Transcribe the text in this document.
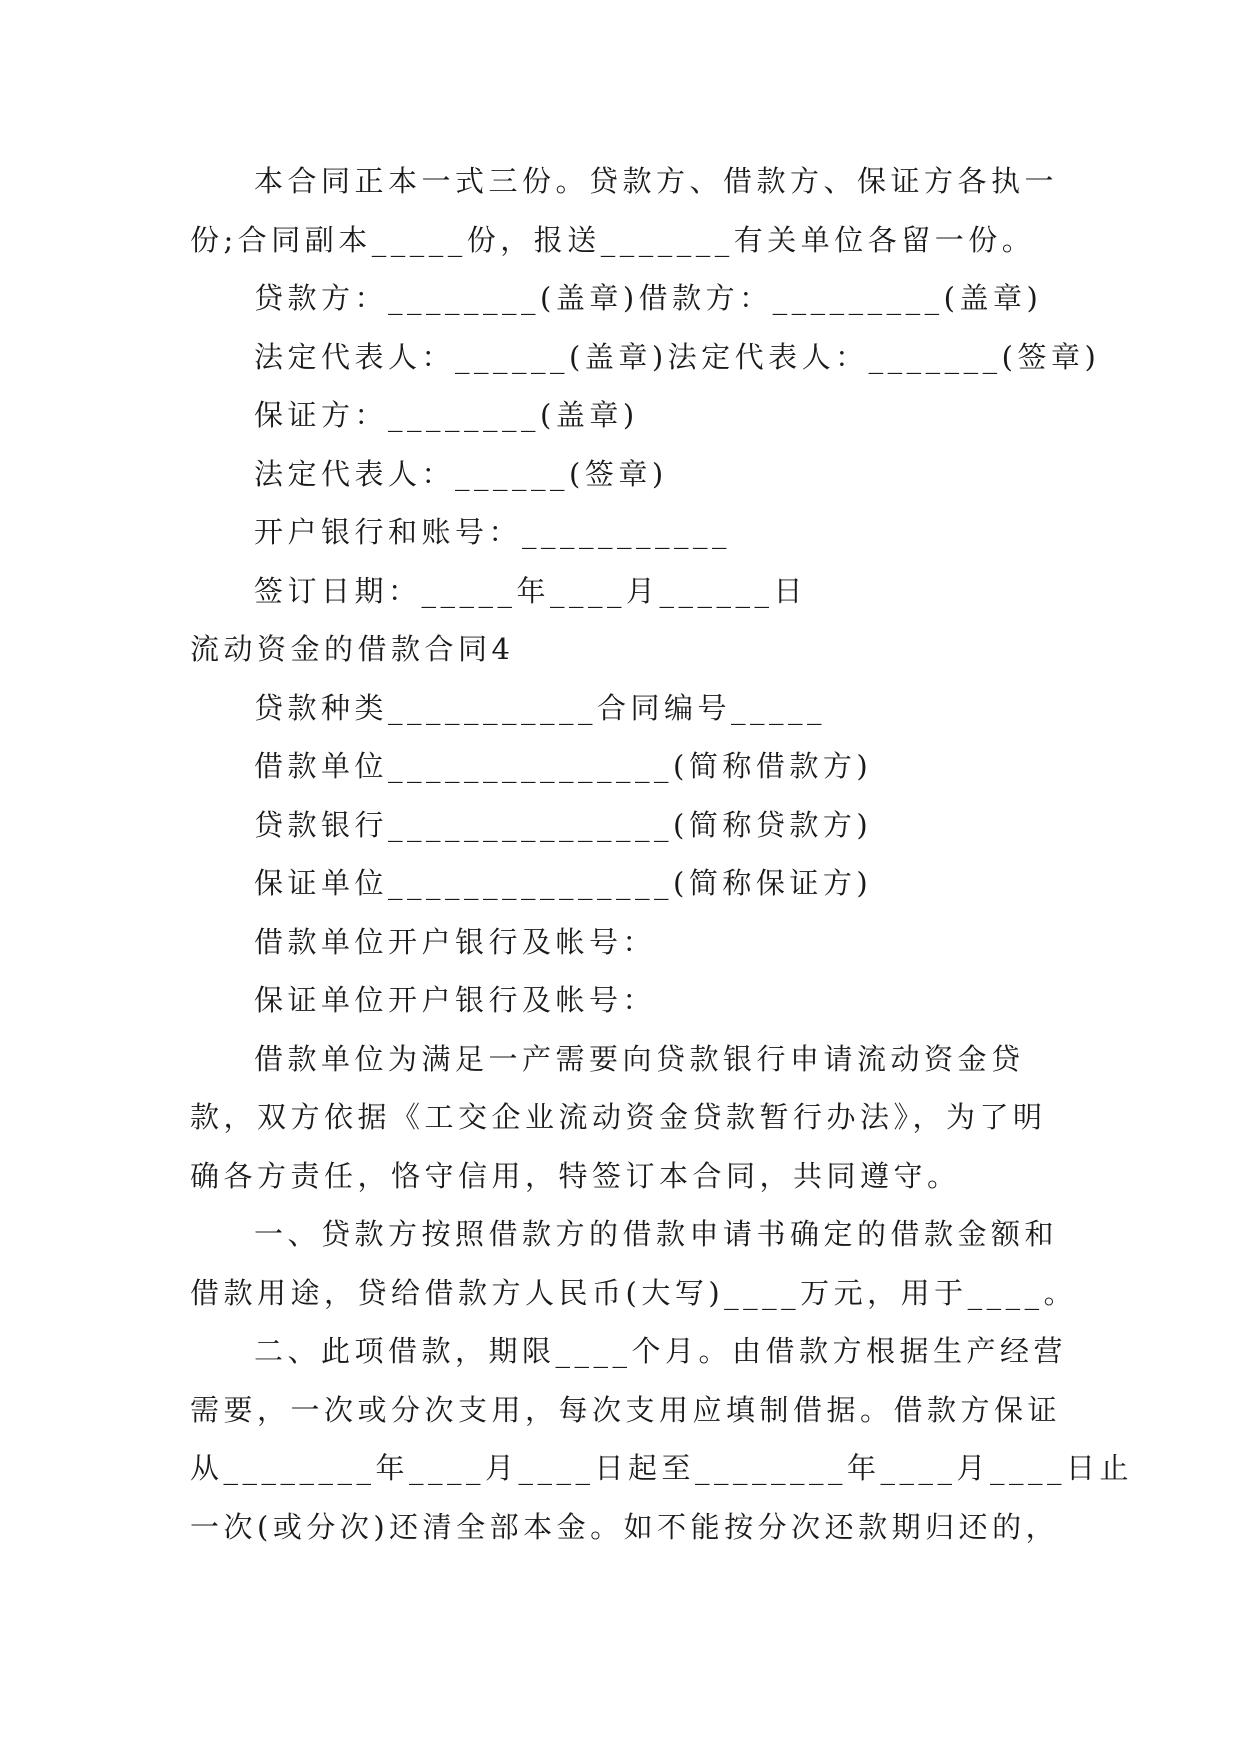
本合同正本一式三份。贷款方、借款方、保证方各执一
份;合同副本_____份，报送_______有关单位各留一份。
贷款方：________(盖章)借款方：_________(盖章)
法定代表人：______(盖章)法定代表人：_______(签章)
保证方：________(盖章)
法定代表人：______(签章)
开户银行和账号：___________
签订日期：_____年____月______日
流动资金的借款合同4
贷款种类___________合同编号_____
借款单位_______________(简称借款方)
贷款银行_______________(简称贷款方)
保证单位_______________(简称保证方)
借款单位开户银行及帐号：
保证单位开户银行及帐号：
借款单位为满足一产需要向贷款银行申请流动资金贷
款，双方依据《工交企业流动资金贷款暂行办法》，为了明
确各方责任，恪守信用，特签订本合同，共同遵守。
一、贷款方按照借款方的借款申请书确定的借款金额和
借款用途，贷给借款方人民币(大写)____万元，用于____。
二、此项借款，期限____个月。由借款方根据生产经营
需要，一次或分次支用，每次支用应填制借据。借款方保证
从________年____月____日起至________年____月____日止
一次(或分次)还清全部本金。如不能按分次还款期归还的，
